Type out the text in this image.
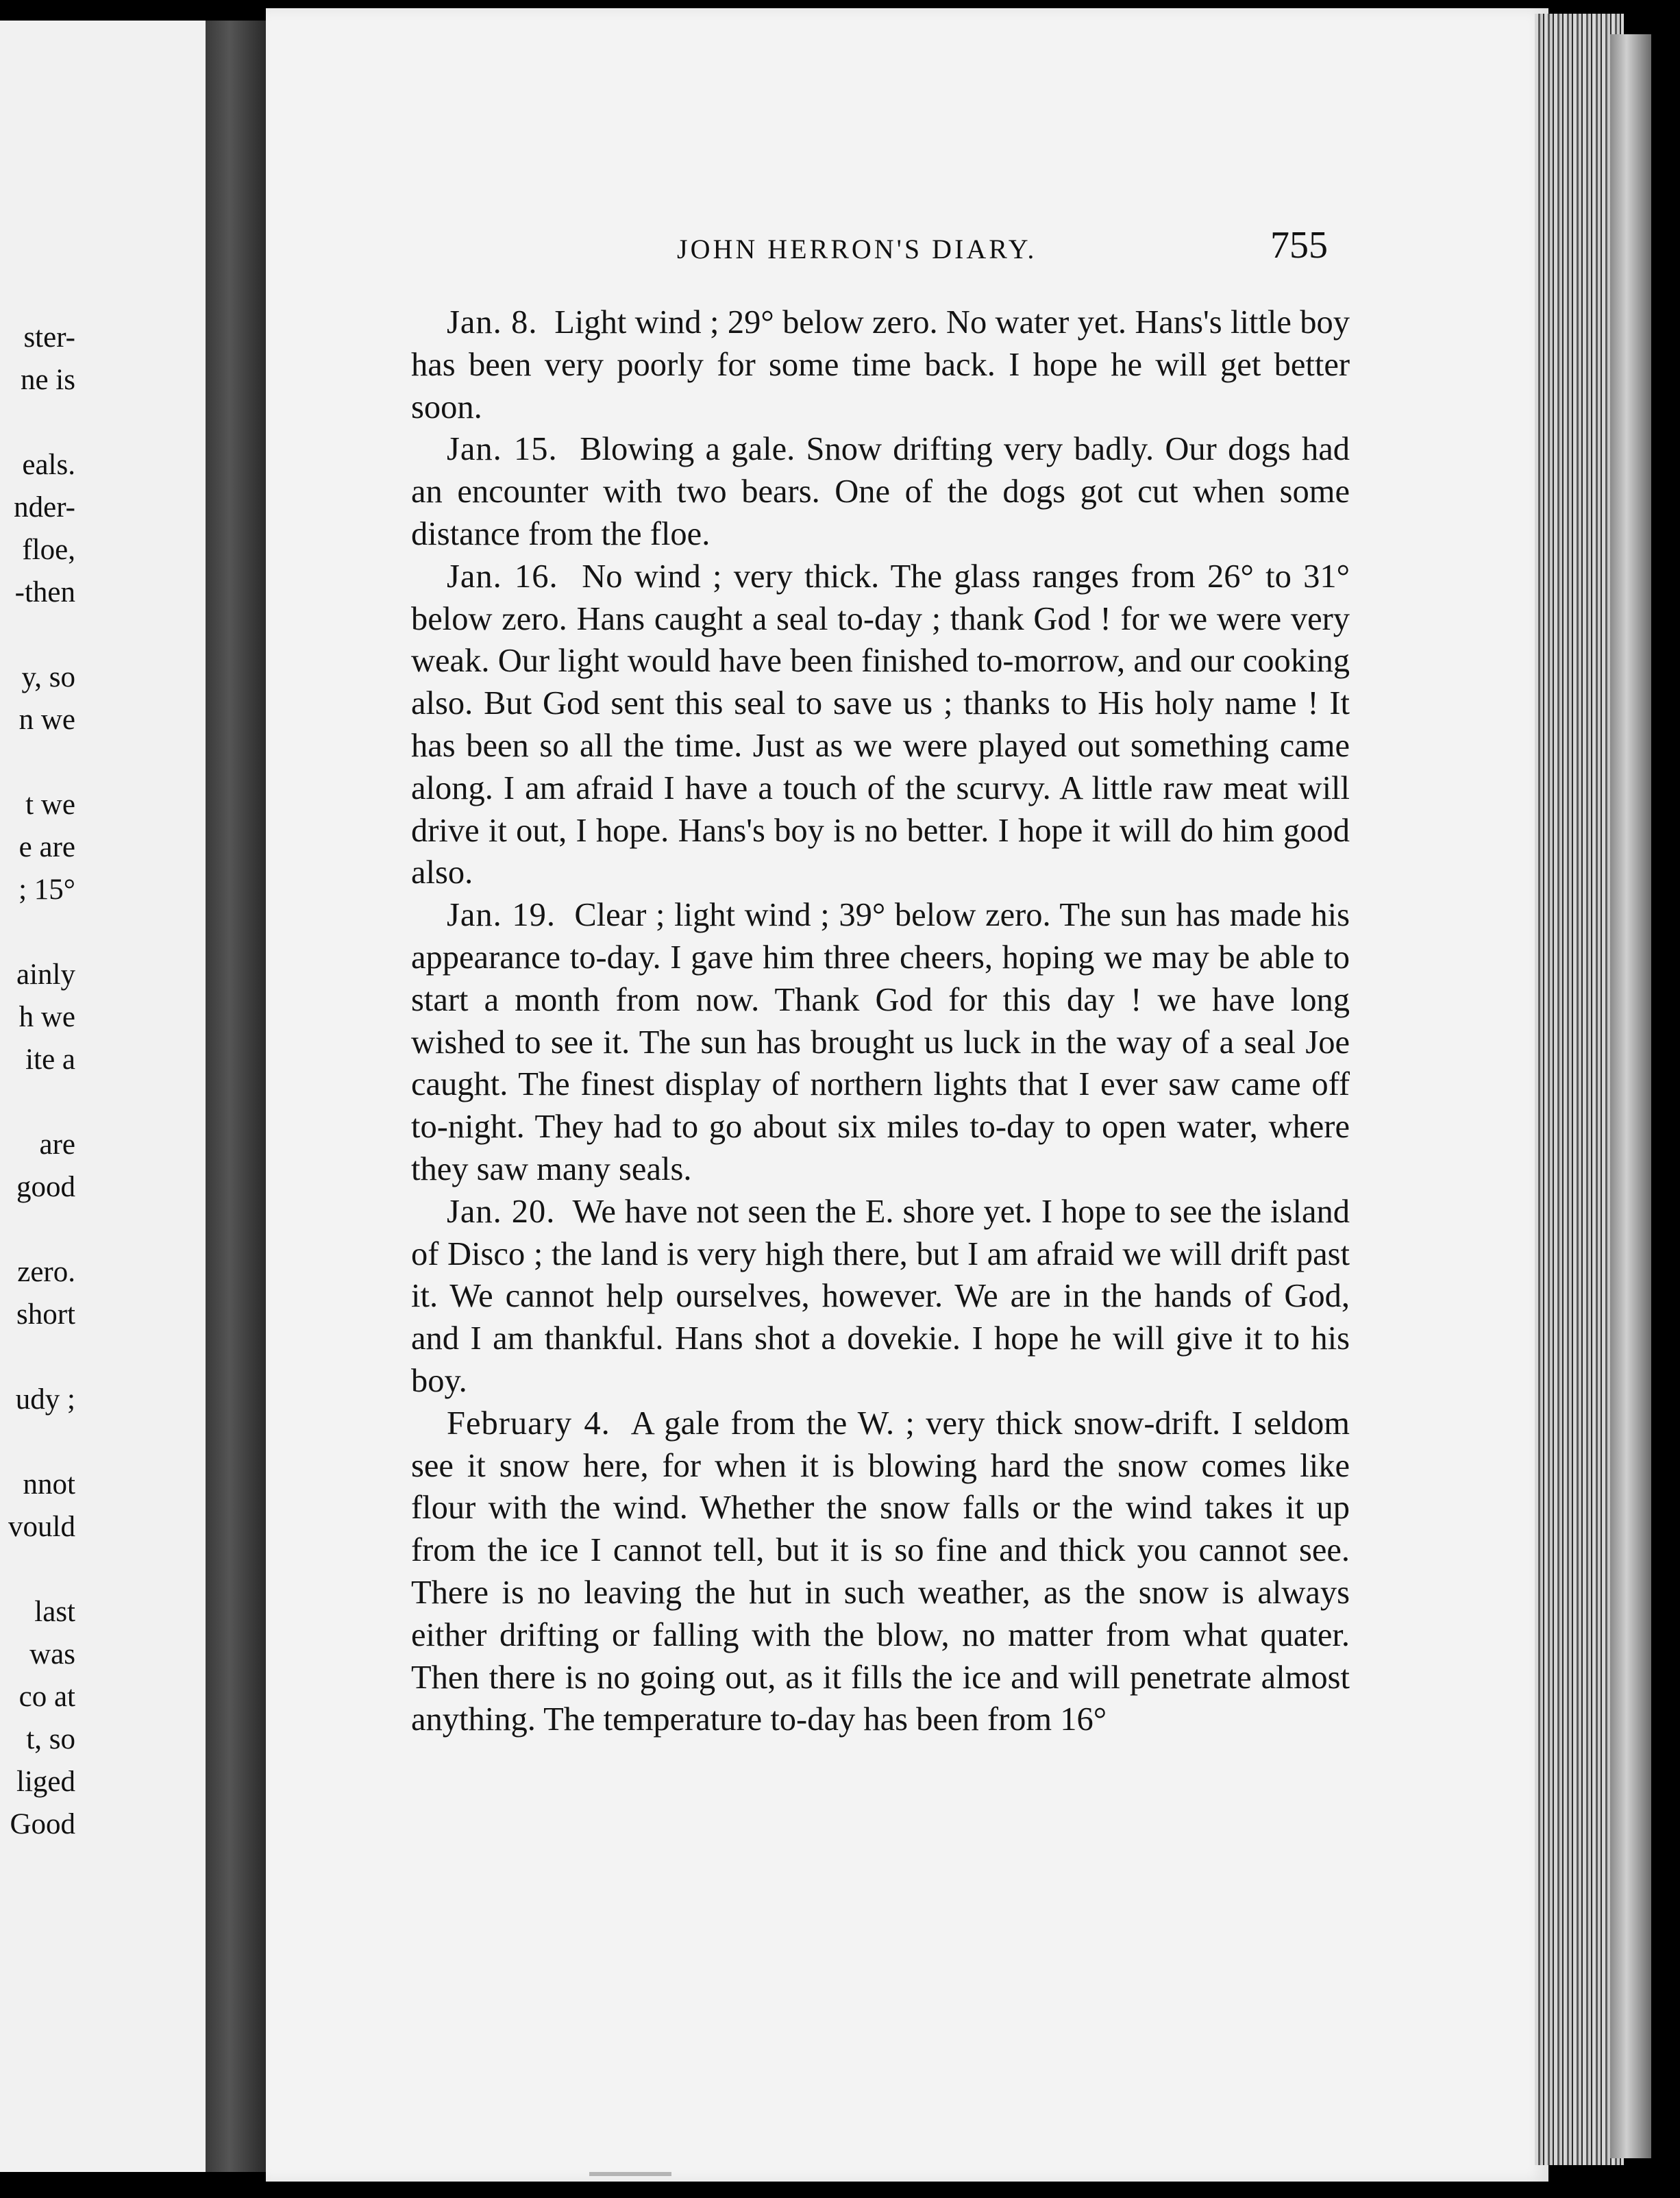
ster-
ne is
eals.
nder-
floe,
-then
y, so
n we
t we
e are
; 15°
ainly
h we
ite a
are
good
zero.
short
udy ;
nnot
vould
last
was
co at
t, so
liged
Good
JOHN HERRON'S DIARY.	755

Jan. 8. Light wind ; 29° below zero. No water yet. Hans's little boy has been very poorly for some time back. I hope he will get better soon.

Jan. 15. Blowing a gale. Snow drifting very badly. Our dogs had an encounter with two bears. One of the dogs got cut when some distance from the floe.

Jan. 16. No wind ; very thick. The glass ranges from 26° to 31° below zero. Hans caught a seal to-day ; thank God ! for we were very weak. Our light would have been finished to-morrow, and our cooking also. But God sent this seal to save us ; thanks to His holy name ! It has been so all the time. Just as we were played out something came along. I am afraid I have a touch of the scurvy. A little raw meat will drive it out, I hope. Hans's boy is no better. I hope it will do him good also.

Jan. 19. Clear ; light wind ; 39° below zero. The sun has made his appearance to-day. I gave him three cheers, hoping we may be able to start a month from now. Thank God for this day ! we have long wished to see it. The sun has brought us luck in the way of a seal Joe caught. The finest display of northern lights that I ever saw came off to-night. They had to go about six miles to-day to open water, where they saw many seals.

Jan. 20. We have not seen the E. shore yet. I hope to see the island of Disco ; the land is very high there, but I am afraid we will drift past it. We cannot help ourselves, however. We are in the hands of God, and I am thankful. Hans shot a dovekie. I hope he will give it to his boy.

February 4. A gale from the W. ; very thick snow-drift. I seldom see it snow here, for when it is blowing hard the snow comes like flour with the wind. Whether the snow falls or the wind takes it up from the ice I cannot tell, but it is so fine and thick you cannot see. There is no leaving the hut in such weather, as the snow is always either drifting or falling with the blow, no matter from what quater. Then there is no going out, as it fills the ice and will penetrate almost anything. The temperature to-day has been from 16°
